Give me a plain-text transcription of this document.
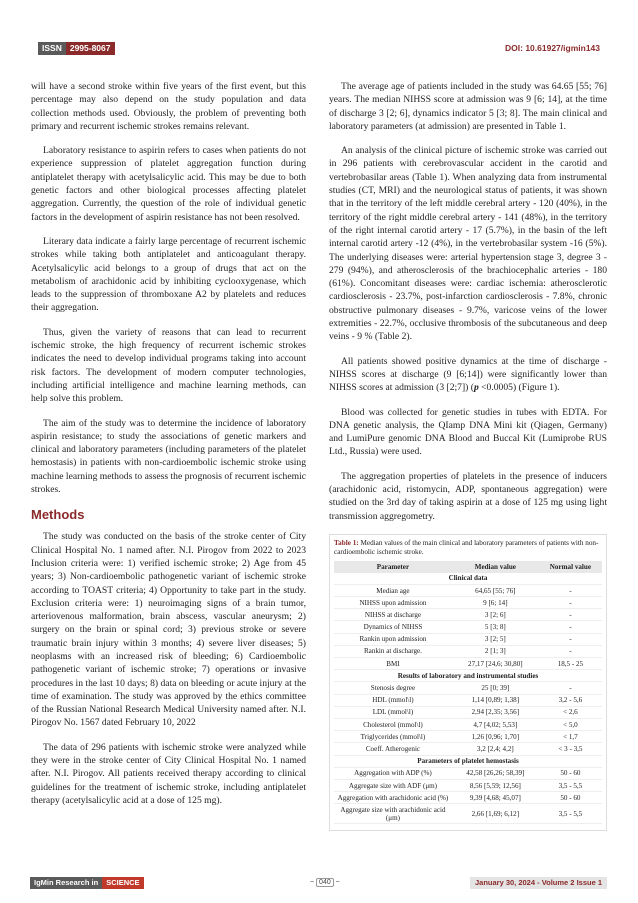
ISSN 2995-8067	DOI: 10.61927/igmin143

will have a second stroke within five years of the first event, but this percentage may also depend on the study population and data collection methods used. Obviously, the problem of preventing both primary and recurrent ischemic strokes remains relevant.

Laboratory resistance to aspirin refers to cases when patients do not experience suppression of platelet aggregation function during antiplatelet therapy with acetylsalicylic acid. This may be due to both genetic factors and other biological processes affecting platelet aggregation. Currently, the question of the role of individual genetic factors in the development of aspirin resistance has not been resolved.

Literary data indicate a fairly large percentage of recurrent ischemic strokes while taking both antiplatelet and anticoagulant therapy. Acetylsalicylic acid belongs to a group of drugs that act on the metabolism of arachidonic acid by inhibiting cyclooxygenase, which leads to the suppression of thromboxane A2 by platelets and reduces their aggregation.

Thus, given the variety of reasons that can lead to recurrent ischemic stroke, the high frequency of recurrent ischemic strokes indicates the need to develop individual programs taking into account risk factors. The development of modern computer technologies, including artificial intelligence and machine learning methods, can help solve this problem.

The aim of the study was to determine the incidence of laboratory aspirin resistance; to study the associations of genetic markers and clinical and laboratory parameters (including parameters of the platelet hemostasis) in patients with non-cardioembolic ischemic stroke using machine learning methods to assess the prognosis of recurrent ischemic strokes.

Methods

The study was conducted on the basis of the stroke center of City Clinical Hospital No. 1 named after. N.I. Pirogov from 2022 to 2023 Inclusion criteria were: 1) verified ischemic stroke; 2) Age from 45 years; 3) Non-cardioembolic pathogenetic variant of ischemic stroke according to TOAST criteria; 4) Opportunity to take part in the study. Exclusion criteria were: 1) neuroimaging signs of a brain tumor, arteriovenous malformation, brain abscess, vascular aneurysm; 2) surgery on the brain or spinal cord; 3) previous stroke or severe traumatic brain injury within 3 months; 4) severe liver diseases; 5) neoplasms with an increased risk of bleeding; 6) Cardioembolic pathogenetic variant of ischemic stroke; 7) operations or invasive procedures in the last 10 days; 8) data on bleeding or acute injury at the time of examination. The study was approved by the ethics committee of the Russian National Research Medical University named after. N.I. Pirogov No. 1567 dated February 10, 2022

The data of 296 patients with ischemic stroke were analyzed while they were in the stroke center of City Clinical Hospital No. 1 named after. N.I. Pirogov. All patients received therapy according to clinical guidelines for the treatment of ischemic stroke, including antiplatelet therapy (acetylsalicylic acid at a dose of 125 mg).

The average age of patients included in the study was 64.65 [55; 76] years. The median NIHSS score at admission was 9 [6; 14], at the time of discharge 3 [2; 6], dynamics indicator 5 [3; 8]. The main clinical and laboratory parameters (at admission) are presented in Table 1.

An analysis of the clinical picture of ischemic stroke was carried out in 296 patients with cerebrovascular accident in the carotid and vertebrobasilar areas (Table 1). When analyzing data from instrumental studies (CT, MRI) and the neurological status of patients, it was shown that in the territory of the left middle cerebral artery - 120 (40%), in the territory of the right middle cerebral artery - 141 (48%), in the territory of the right internal carotid artery - 17 (5.7%), in the basin of the left internal carotid artery -12 (4%), in the vertebrobasilar system -16 (5%). The underlying diseases were: arterial hypertension stage 3, degree 3 - 279 (94%), and atherosclerosis of the brachiocephalic arteries - 180 (61%). Concomitant diseases were: cardiac ischemia: atherosclerotic cardiosclerosis - 23.7%, post-infarction cardiosclerosis - 7.8%, chronic obstructive pulmonary diseases - 9.7%, varicose veins of the lower extremities - 22.7%, occlusive thrombosis of the subcutaneous and deep veins - 9 % (Table 2).

All patients showed positive dynamics at the time of discharge - NIHSS scores at discharge (9 [6;14]) were significantly lower than NIHSS scores at admission (3 [2;7]) (p <0.0005) (Figure 1).

Blood was collected for genetic studies in tubes with EDTA. For DNA genetic analysis, the QIamp DNA Mini kit (Qiagen, Germany) and LumiPure genomic DNA Blood and Buccal Kit (Lumiprobe RUS Ltd., Russia) were used.

The aggregation properties of platelets in the presence of inducers (arachidonic acid, ristomycin, ADP, spontaneous aggregation) were studied on the 3rd day of taking aspirin at a dose of 125 mg using light transmission aggregometry.

Table 1: Median values of the main clinical and laboratory parameters of patients with non-cardioembolic ischemic stroke.
Parameter	Median value	Normal value
Clinical data		
Median age	64,65 [55; 76]	-
NIHSS upon admission	9 [6; 14]	-
NIHSS at discharge	3 [2; 6]	-
Dynamics of NIHSS	5 [3; 8]	-
Rankin upon admission	3 [2; 5]	-
Rankin at discharge.	2 [1; 3]	-
BMI	27,17 [24,6; 30,80]	18,5 - 25
Results of laboratory and instrumental studies		
Stenosis degree	25 [0; 39]	-
HDL (mmol\l)	1,14 [0,89; 1,38]	3,2 - 5,6
LDL (mmol\l)	2,94 [2,35; 3,56]	< 2,6
Cholesterol (mmol\l)	4,7 [4,02; 5,53]	< 5,0
Triglycerides (mmol\l)	1,26 [0,96; 1,70]	< 1,7
Coeff. Atherogenic	3,2 [2,4; 4,2]	< 3 - 3,5
Parameters of platelet hemostasis		
Aggregation with ADP (%)	42,58 [26,26; 58,39]	50 - 60
Aggregate size with ADF (μm)	8,56 [5,59; 12,56]	3,5 - 5,5
Aggregation with arachidonic acid (%)	9,39 [4,68; 45,07]	50 - 60
Aggregate size with arachidonic acid (μm)	2,66 [1,69; 6,12]	3,5 - 5,5
IgMin Research in	SCIENCE	~ 040 ~	January 30, 2024 - Volume 2 Issue 1
